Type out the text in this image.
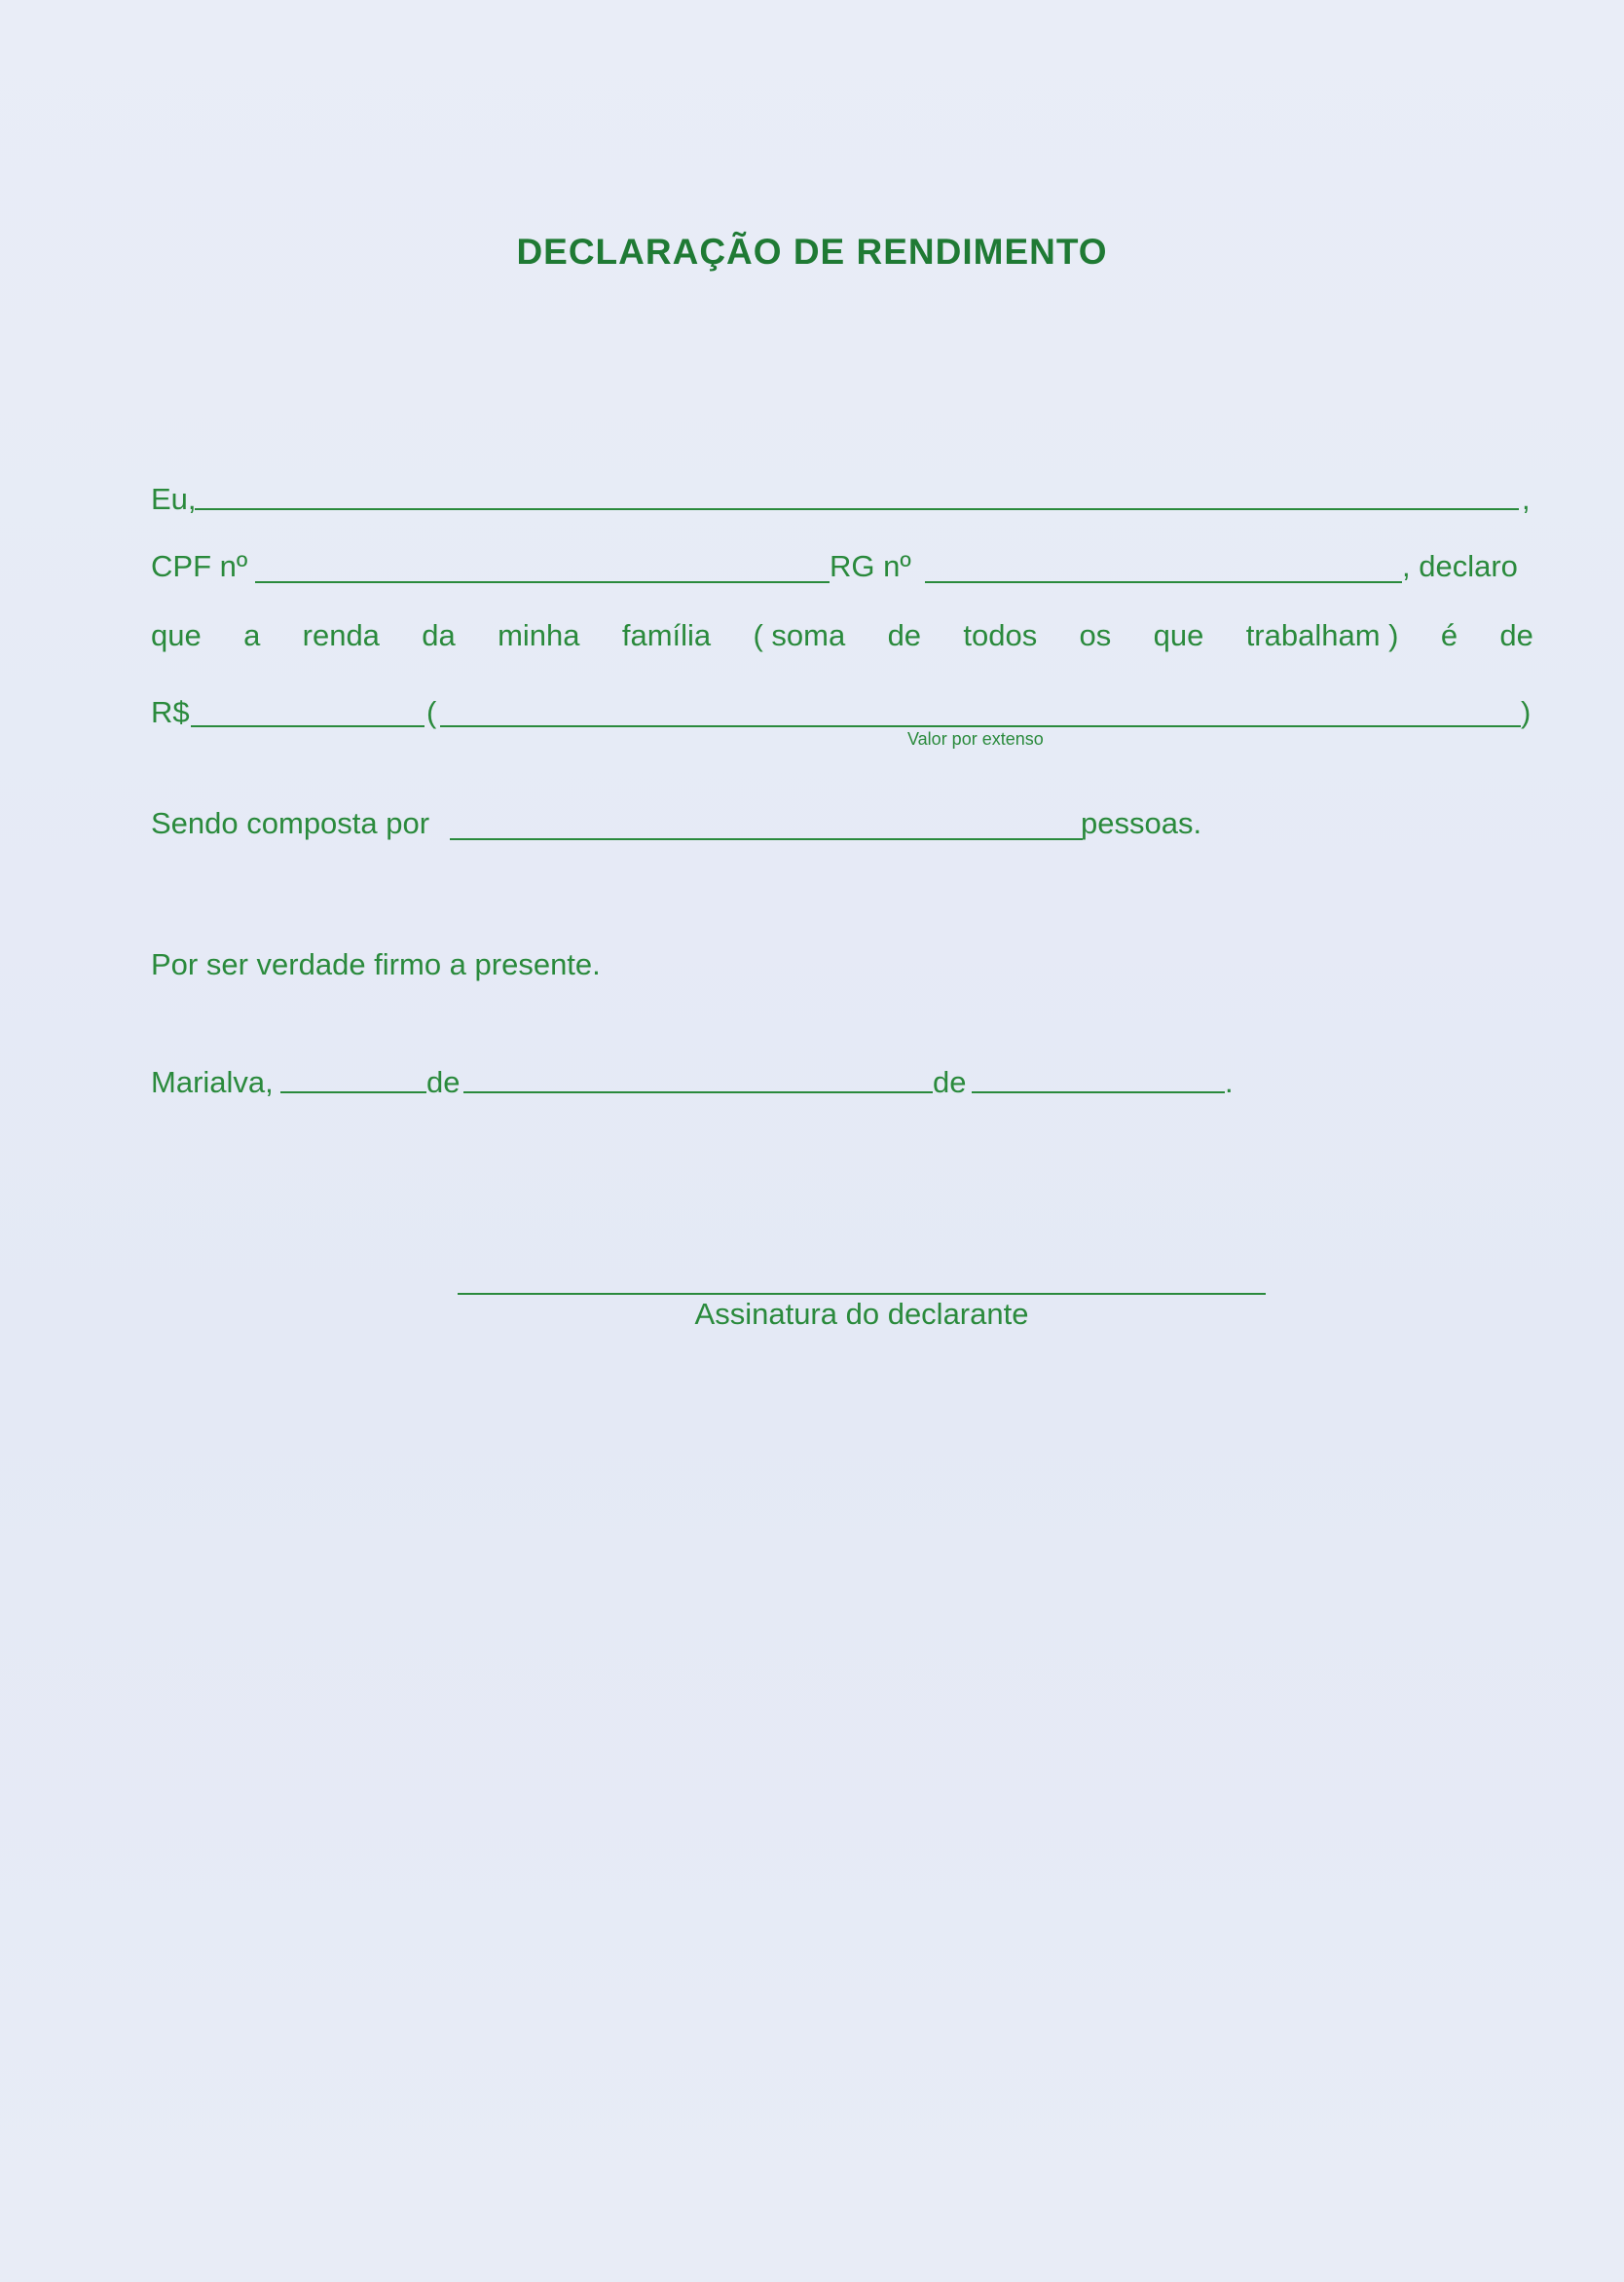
DECLARAÇÃO DE RENDIMENTO
Eu,	,
CPF nº	RG nº	, declaro
que a renda da minha família ( soma de todos os que trabalham ) é de
R$	(	)
Valor por extenso
Sendo composta por	pessoas.
Por ser verdade firmo a presente.
Marialva,	de	de	.
Assinatura do declarante
